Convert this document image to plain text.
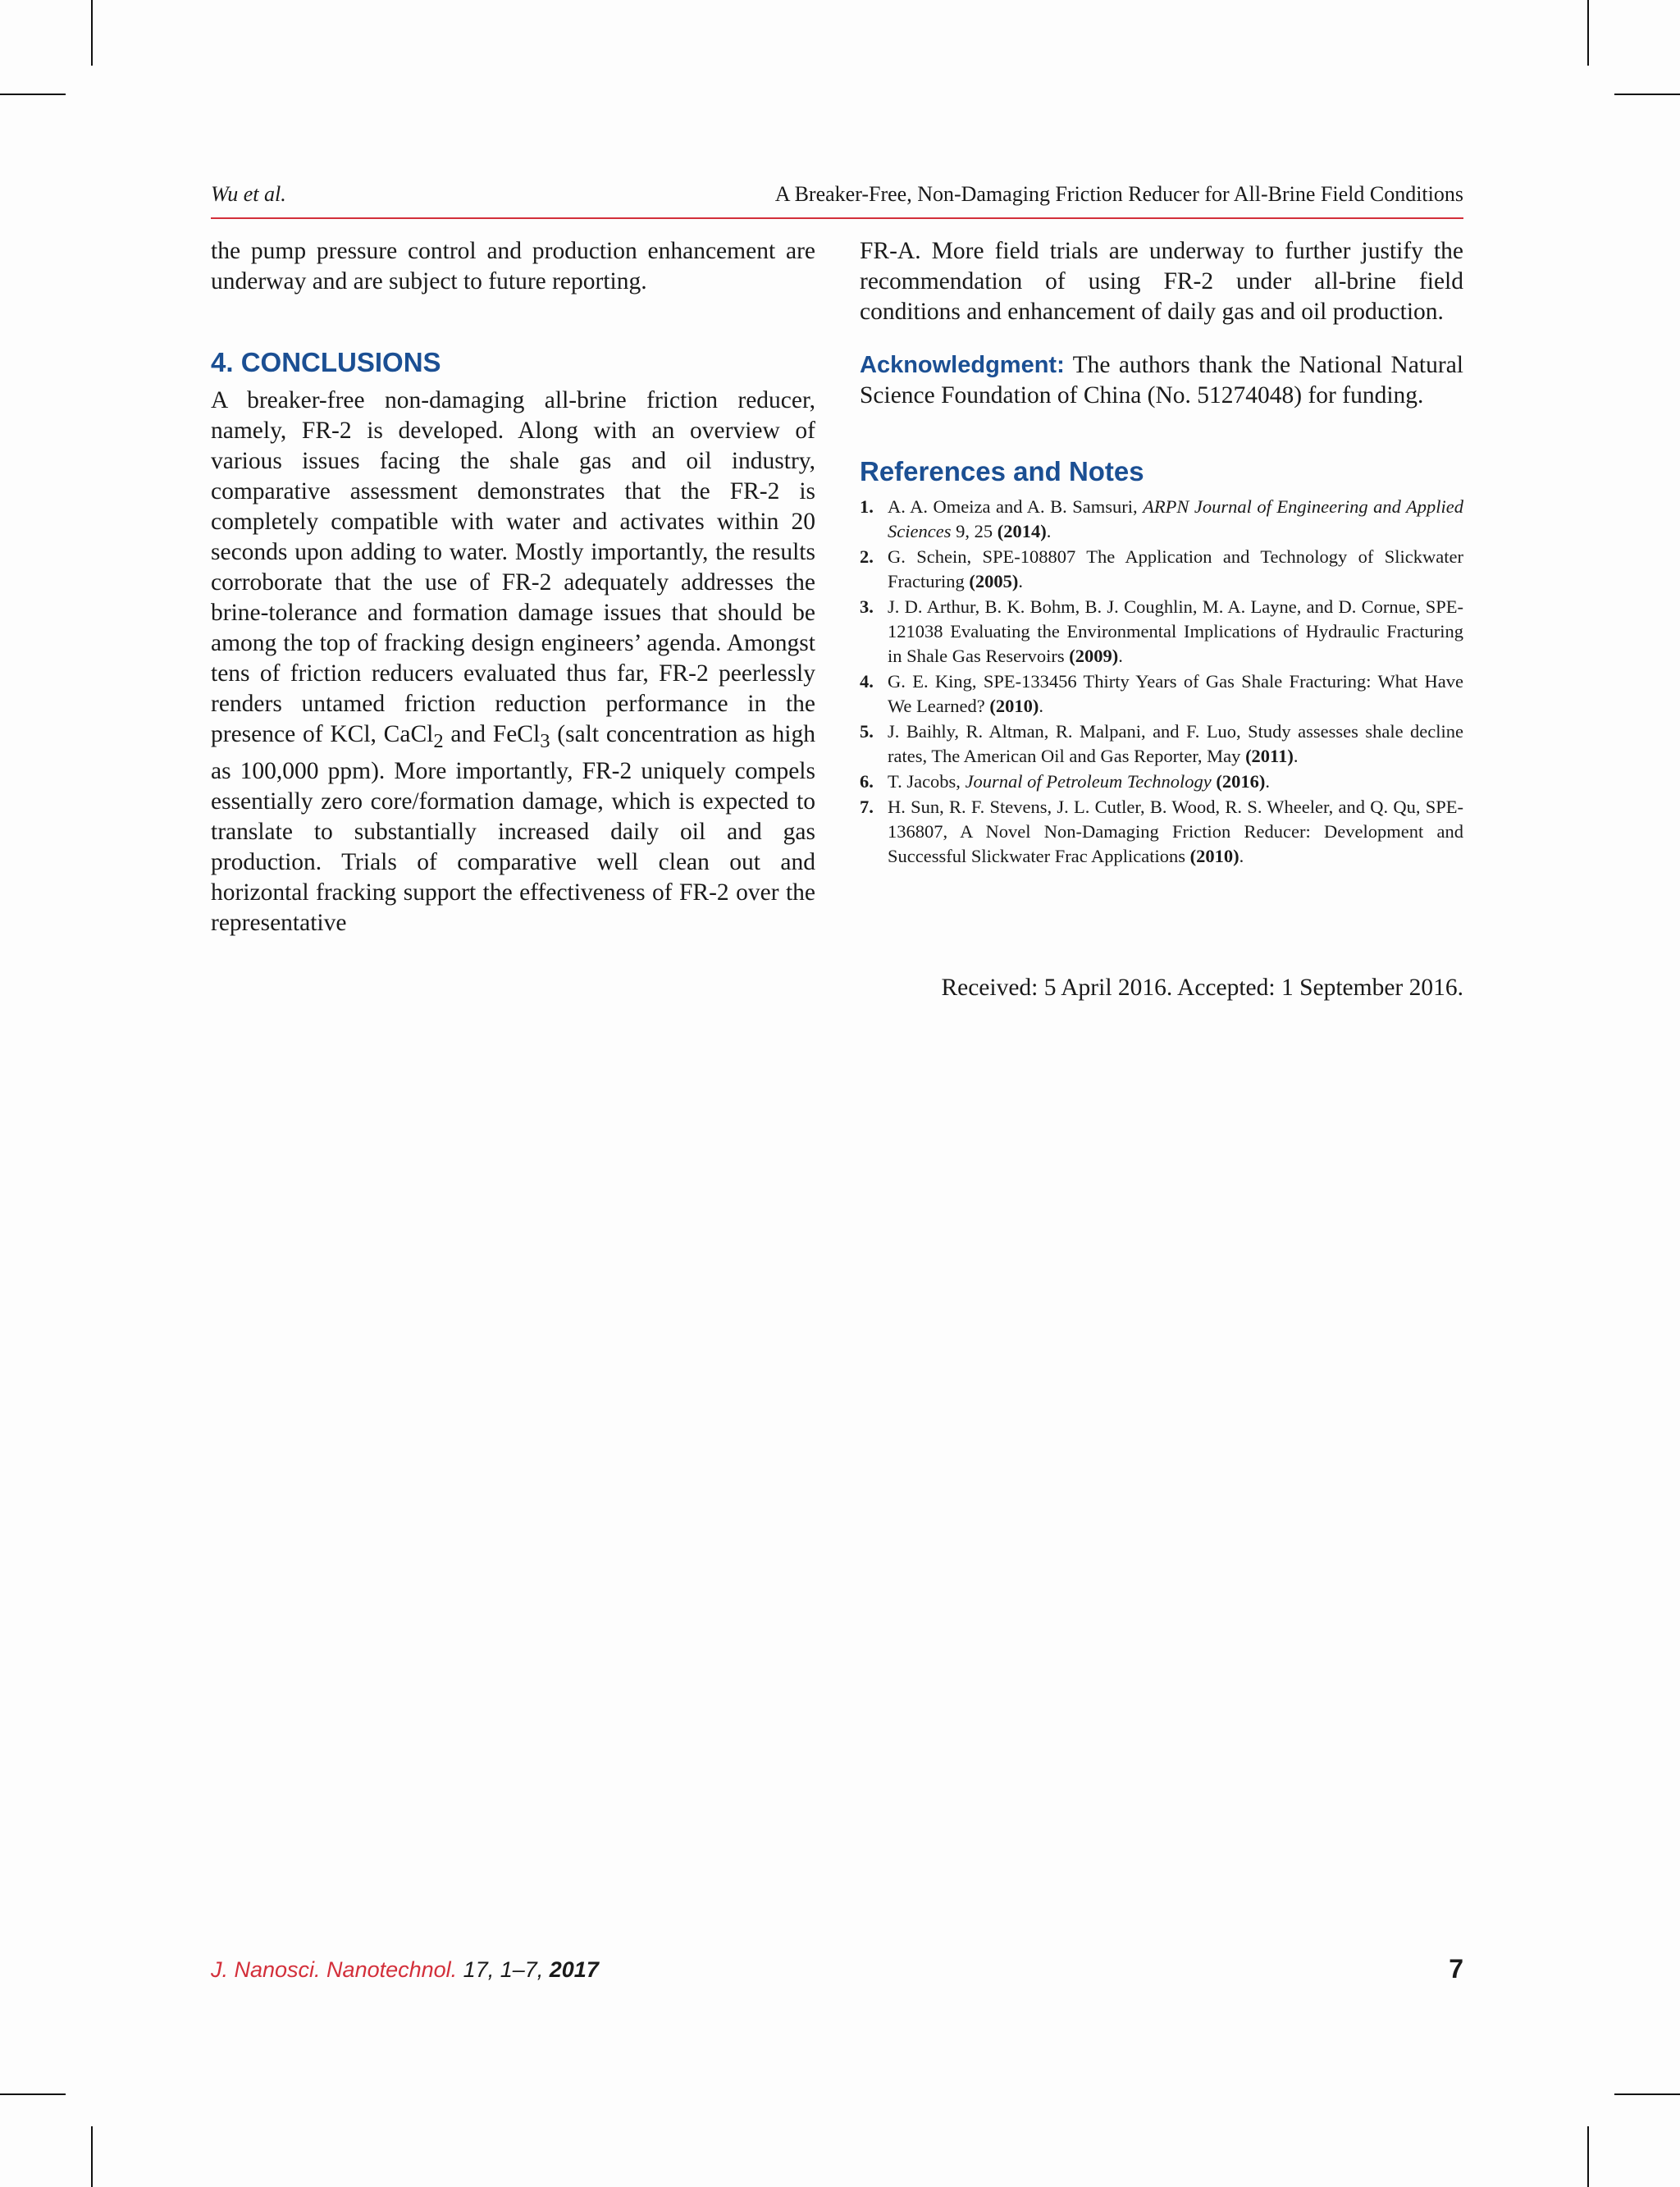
Wu et al.	A Breaker-Free, Non-Damaging Friction Reducer for All-Brine Field Conditions

the pump pressure control and production enhancement are underway and are subject to future reporting.

4. CONCLUSIONS

A breaker-free non-damaging all-brine friction reducer, namely, FR-2 is developed. Along with an overview of various issues facing the shale gas and oil industry, comparative assessment demonstrates that the FR-2 is completely compatible with water and activates within 20 seconds upon adding to water. Mostly importantly, the results corroborate that the use of FR-2 adequately addresses the brine-tolerance and formation damage issues that should be among the top of fracking design engineers’ agenda. Amongst tens of friction reducers evaluated thus far, FR-2 peerlessly renders untamed friction reduction performance in the presence of KCl, CaCl$_2$ and FeCl$_3$ (salt concentration as high as 100,000 ppm). More importantly, FR-2 uniquely compels essentially zero core/formation damage, which is expected to translate to substantially increased daily oil and gas production. Trials of comparative well clean out and horizontal fracking support the effectiveness of FR-2 over the representative

FR-A. More field trials are underway to further justify the recommendation of using FR-2 under all-brine field conditions and enhancement of daily gas and oil production.

Acknowledgment: The authors thank the National Natural Science Foundation of China (No. 51274048) for funding.

References and Notes
1. A. A. Omeiza and A. B. Samsuri, ARPN Journal of Engineering and Applied Sciences 9, 25 (2014).
2. G. Schein, SPE-108807 The Application and Technology of Slickwater Fracturing (2005).
3. J. D. Arthur, B. K. Bohm, B. J. Coughlin, M. A. Layne, and D. Cornue, SPE-121038 Evaluating the Environmental Implications of Hydraulic Fracturing in Shale Gas Reservoirs (2009).
4. G. E. King, SPE-133456 Thirty Years of Gas Shale Fracturing: What Have We Learned? (2010).
5. J. Baihly, R. Altman, R. Malpani, and F. Luo, Study assesses shale decline rates, The American Oil and Gas Reporter, May (2011).
6. T. Jacobs, Journal of Petroleum Technology (2016).
7. H. Sun, R. F. Stevens, J. L. Cutler, B. Wood, R. S. Wheeler, and Q. Qu, SPE-136807, A Novel Non-Damaging Friction Reducer: Development and Successful Slickwater Frac Applications (2010).
Received: 5 April 2016. Accepted: 1 September 2016.
J. Nanosci. Nanotechnol. 17, 1–7, 2017	7
